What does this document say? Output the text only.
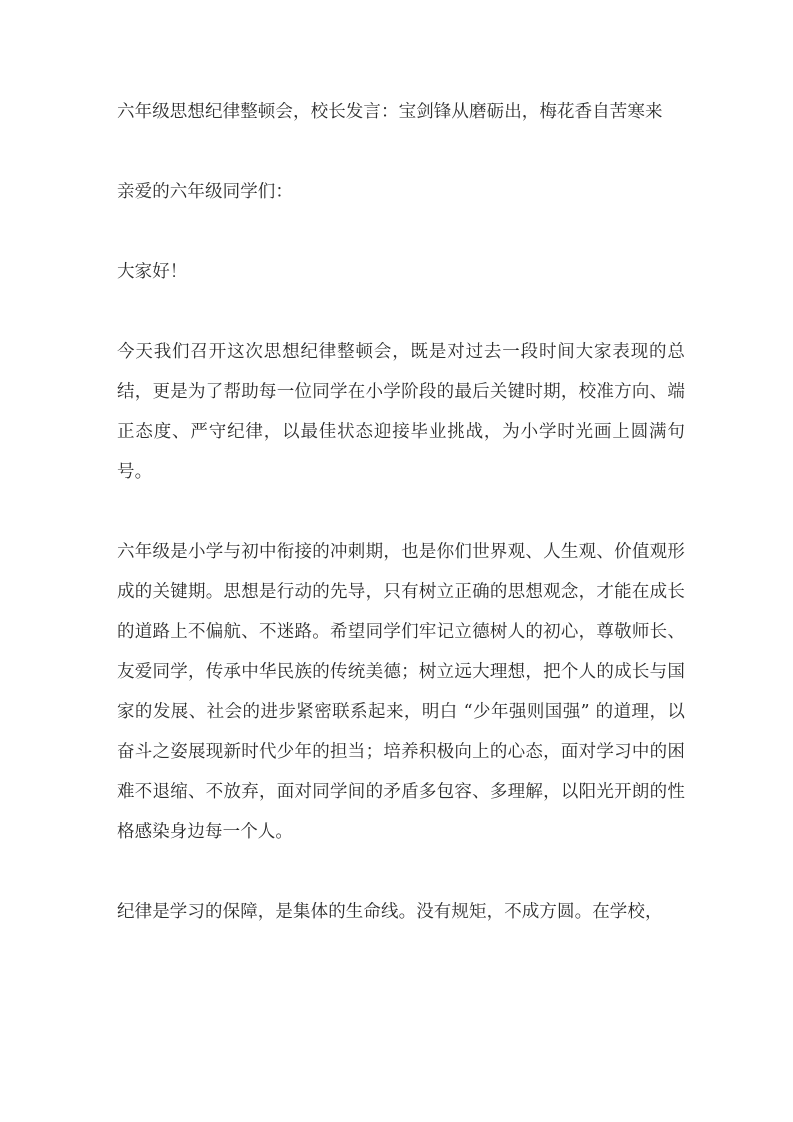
六年级思想纪律整顿会，校长发言：宝剑锋从磨砺出，梅花香自苦寒来

亲爱的六年级同学们：

大家好！

今天我们召开这次思想纪律整顿会，既是对过去一段时间大家表现的总结，更是为了帮助每一位同学在小学阶段的最后关键时期，校准方向、端正态度、严守纪律，以最佳状态迎接毕业挑战，为小学时光画上圆满句号。

六年级是小学与初中衔接的冲刺期，也是你们世界观、人生观、价值观形成的关键期。思想是行动的先导，只有树立正确的思想观念，才能在成长的道路上不偏航、不迷路。希望同学们牢记立德树人的初心，尊敬师长、友爱同学，传承中华民族的传统美德；树立远大理想，把个人的成长与国家的发展、社会的进步紧密联系起来，明白 “少年强则国强” 的道理，以奋斗之姿展现新时代少年的担当；培养积极向上的心态，面对学习中的困难不退缩、不放弃，面对同学间的矛盾多包容、多理解，以阳光开朗的性格感染身边每一个人。

纪律是学习的保障，是集体的生命线。没有规矩，不成方圆。在学校，
